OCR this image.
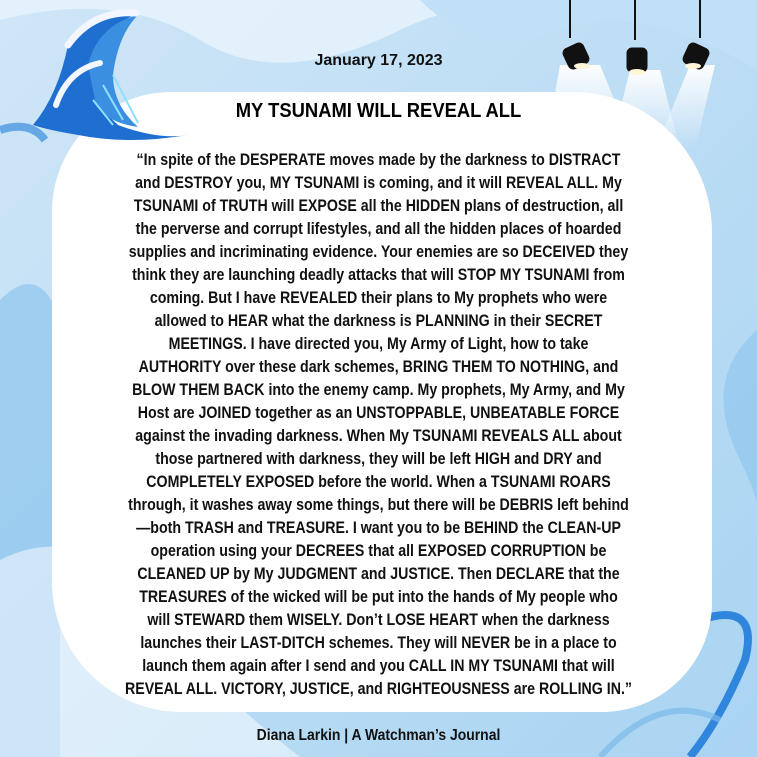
January 17, 2023
MY TSUNAMI WILL REVEAL ALL
“In spite of the DESPERATE moves made by the darkness to DISTRACT
and DESTROY you, MY TSUNAMI is coming, and it will REVEAL ALL. My
TSUNAMI of TRUTH will EXPOSE all the HIDDEN plans of destruction, all
the perverse and corrupt lifestyles, and all the hidden places of hoarded
supplies and incriminating evidence. Your enemies are so DECEIVED they
think they are launching deadly attacks that will STOP MY TSUNAMI from
coming. But I have REVEALED their plans to My prophets who were
allowed to HEAR what the darkness is PLANNING in their SECRET
MEETINGS. I have directed you, My Army of Light, how to take
AUTHORITY over these dark schemes, BRING THEM TO NOTHING, and
BLOW THEM BACK into the enemy camp. My prophets, My Army, and My
Host are JOINED together as an UNSTOPPABLE, UNBEATABLE FORCE
against the invading darkness. When My TSUNAMI REVEALS ALL about
those partnered with darkness, they will be left HIGH and DRY and
COMPLETELY EXPOSED before the world. When a TSUNAMI ROARS
through, it washes away some things, but there will be DEBRIS left behind
—both TRASH and TREASURE. I want you to be BEHIND the CLEAN-UP
operation using your DECREES that all EXPOSED CORRUPTION be
CLEANED UP by My JUDGMENT and JUSTICE. Then DECLARE that the
TREASURES of the wicked will be put into the hands of My people who
will STEWARD them WISELY. Don’t LOSE HEART when the darkness
launches their LAST-DITCH schemes. They will NEVER be in a place to
launch them again after I send and you CALL IN MY TSUNAMI that will
REVEAL ALL. VICTORY, JUSTICE, and RIGHTEOUSNESS are ROLLING IN.”
Diana Larkin | A Watchman’s Journal
